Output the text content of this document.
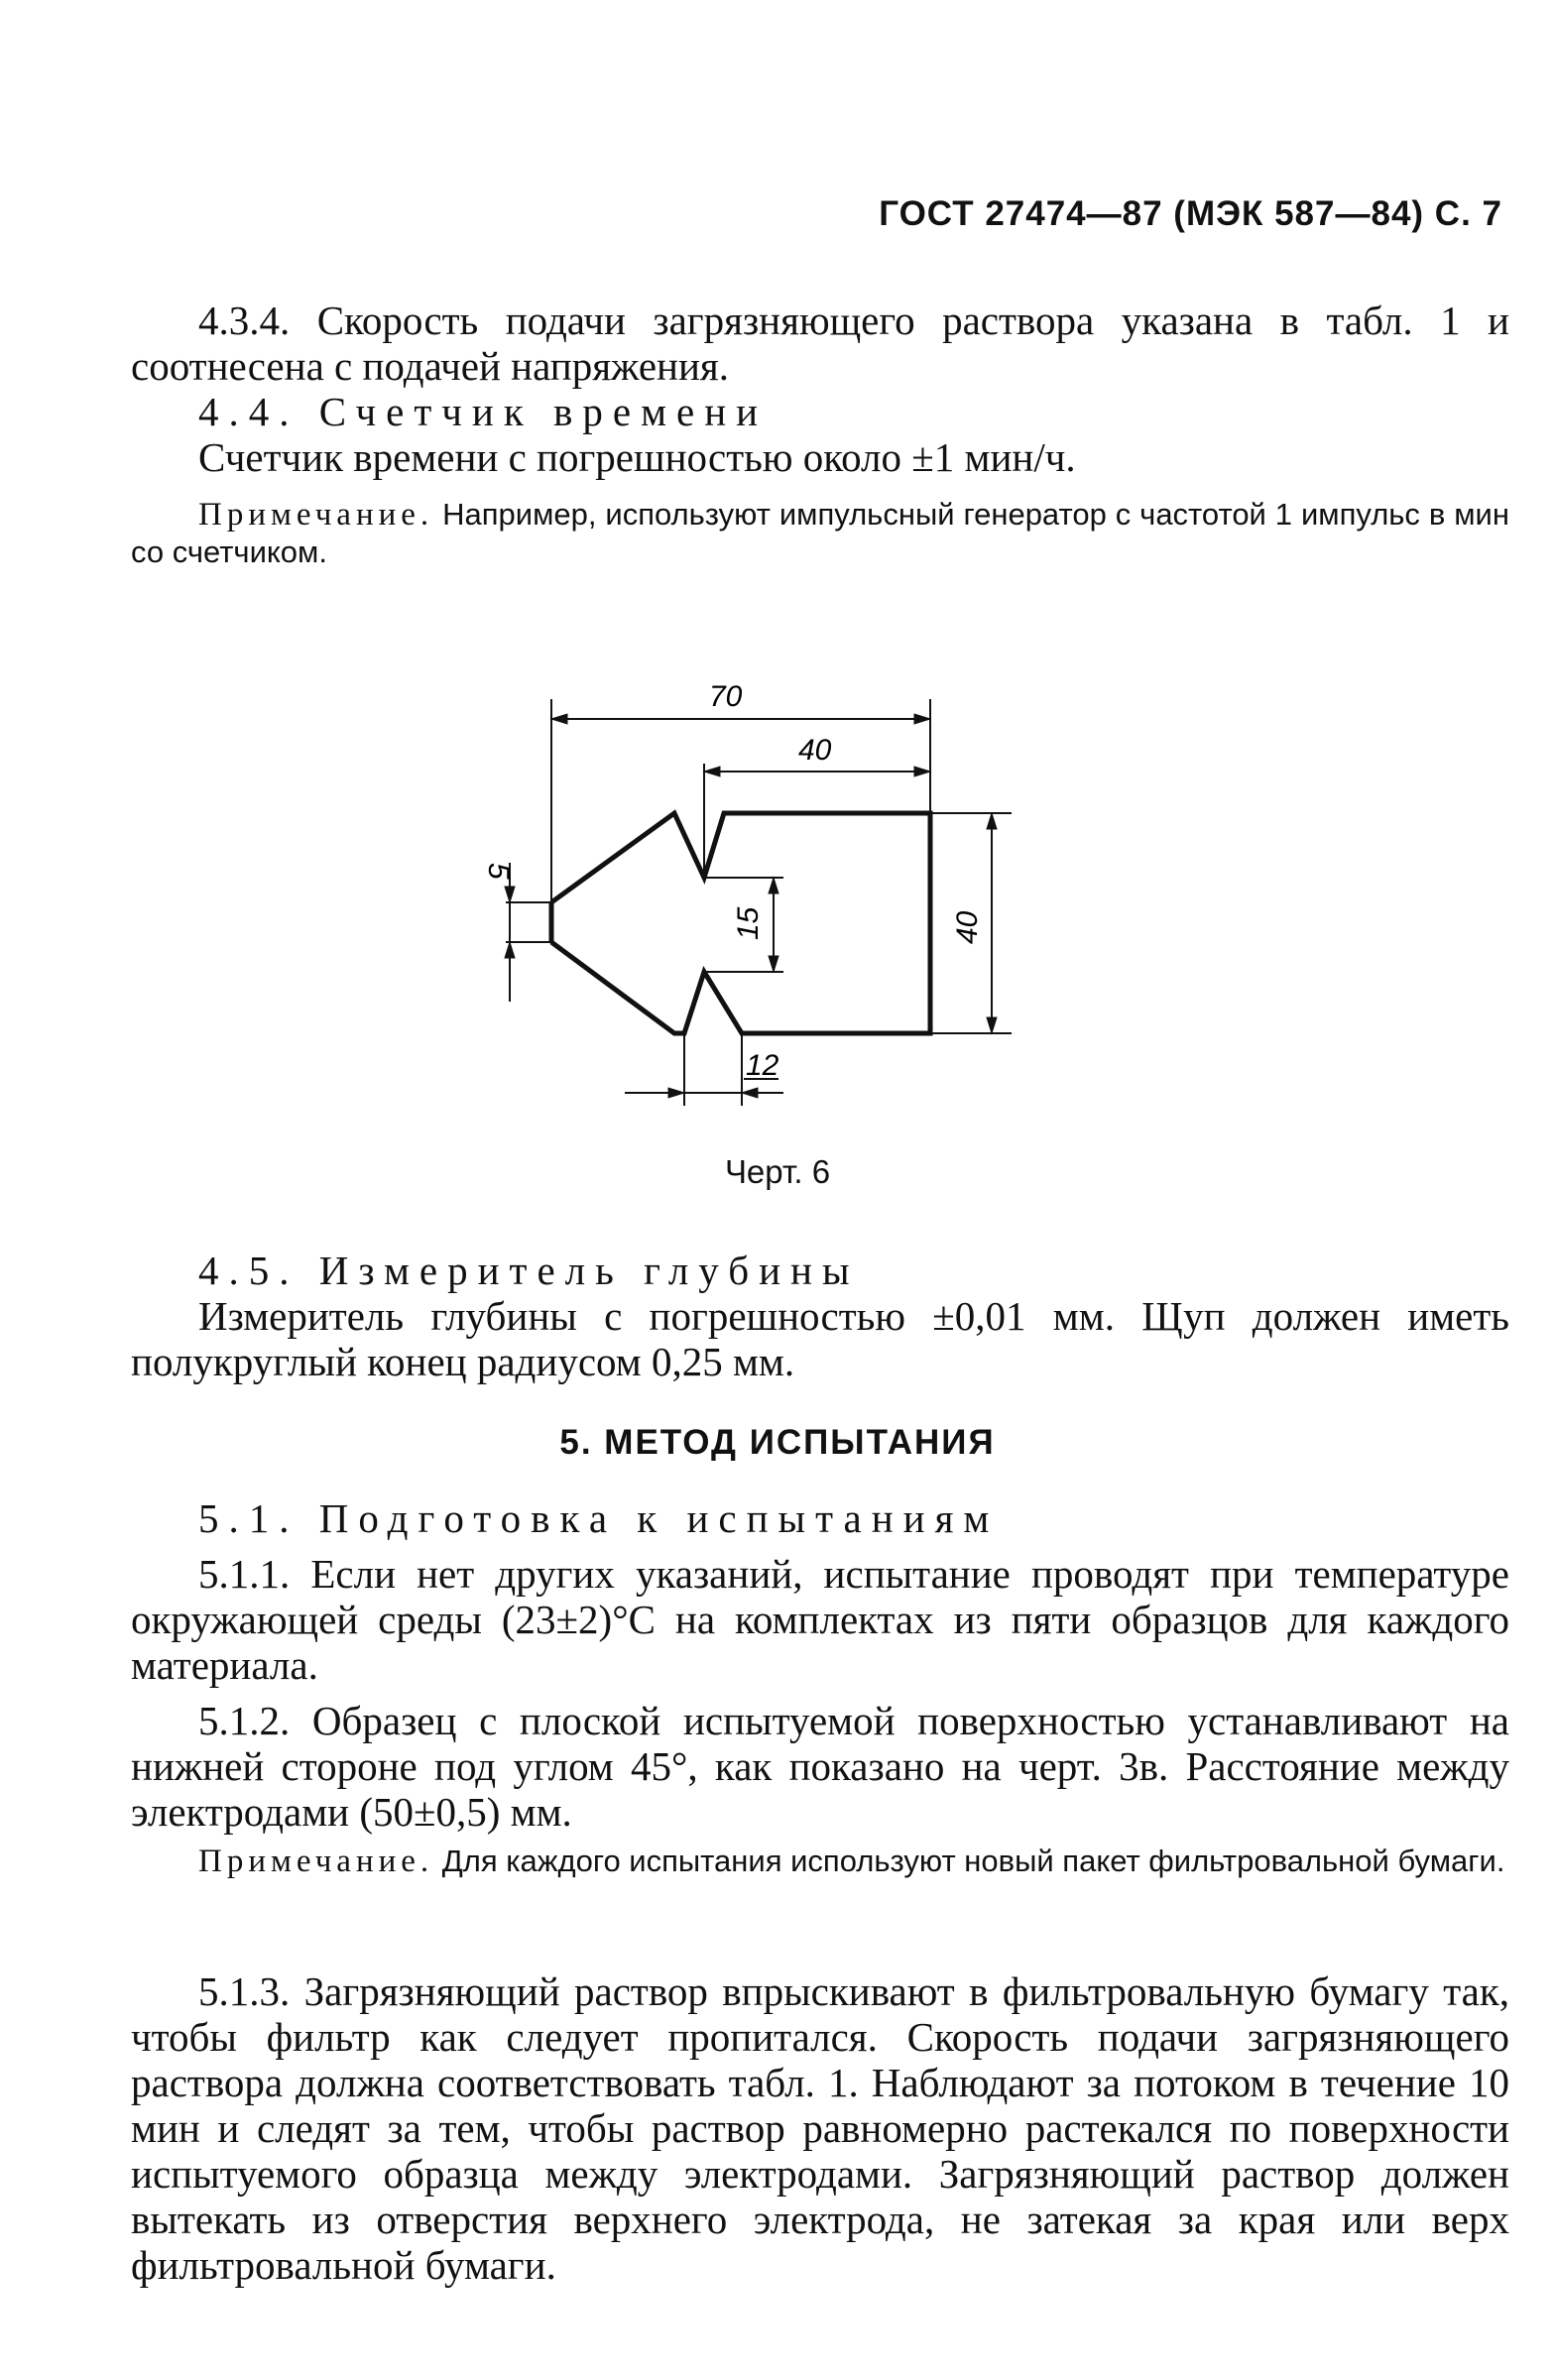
ГОСТ 27474—87 (МЭК 587—84) С. 7
4.3.4. Скорость подачи загрязняющего раствора указана в табл. 1 и соотнесена с подачей напряжения.
4.4. Счетчик времени
Счетчик времени с погрешностью около ±1 мин/ч.
Примечание. Например, используют импульсный генератор с частотой 1 импульс в мин со счетчиком.
70
40
5
15	40
12
Черт. 6
4.5. Измеритель глубины
Измеритель глубины с погрешностью ±0,01 мм. Щуп должен иметь полукруглый конец радиусом 0,25 мм.
5. МЕТОД ИСПЫТАНИЯ
5.1. Подготовка к испытаниям
5.1.1. Если нет других указаний, испытание проводят при температуре окружающей среды (23±2)°С на комплектах из пяти образцов для каждого материала.
5.1.2. Образец с плоской испытуемой поверхностью устанавливают на нижней стороне под углом 45°, как показано на черт. 3в. Расстояние между электродами (50±0,5) мм.
Примечание. Для каждого испытания используют новый пакет фильтровальной бумаги.
5.1.3. Загрязняющий раствор впрыскивают в фильтровальную бумагу так, чтобы фильтр как следует пропитался. Скорость подачи загрязняющего раствора должна соответствовать табл. 1. Наблюдают за потоком в течение 10 мин и следят за тем, чтобы раствор равномерно растекался по поверхности испытуемого образца между электродами. Загрязняющий раствор должен вытекать из отверстия верхнего электрода, не затекая за края или верх фильтровальной бумаги.
